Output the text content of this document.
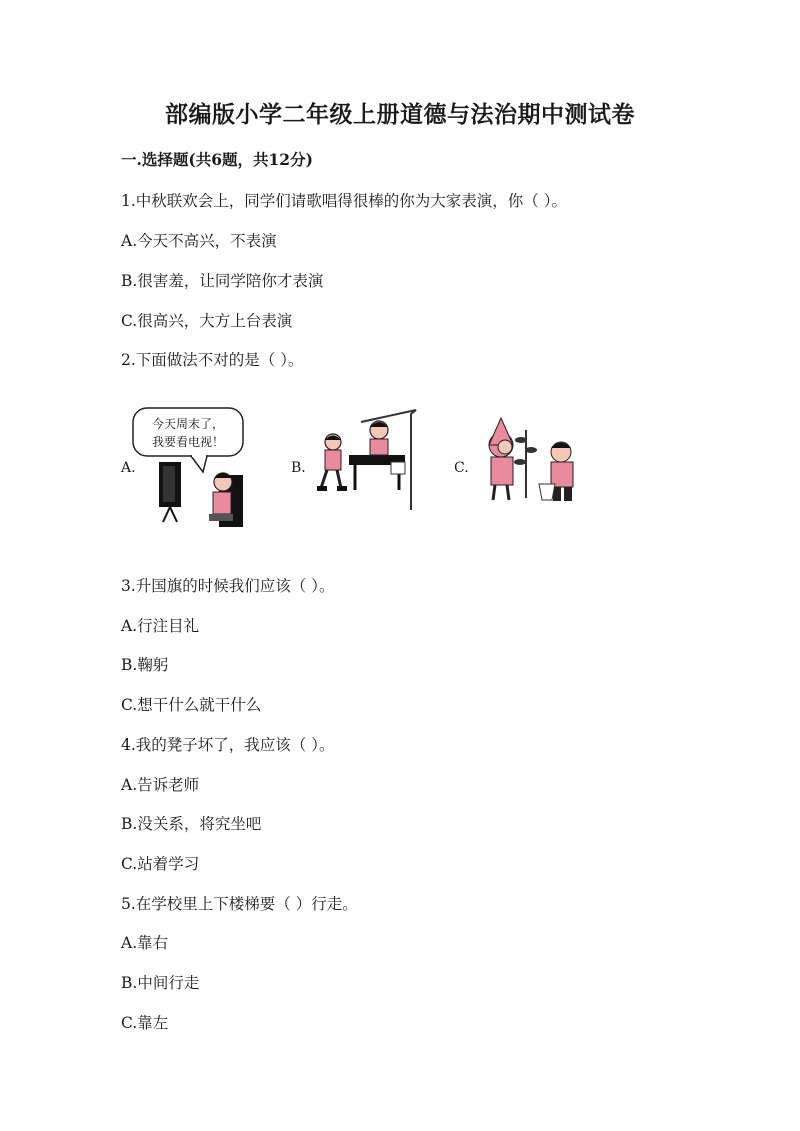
部编版小学二年级上册道德与法治期中测试卷
一.选择题(共6题，共12分)
1.中秋联欢会上，同学们请歌唱得很棒的你为大家表演，你（ ）。
A.今天不高兴，不表演
B.很害羞，让同学陪你才表演
C.很高兴，大方上台表演
2.下面做法不对的是（ ）。
A.
今天周末了，
我要看电视！
B.	C.
3.升国旗的时候我们应该（ ）。
A.行注目礼
B.鞠躬
C.想干什么就干什么
4.我的凳子坏了，我应该（ ）。
A.告诉老师
B.没关系，将究坐吧
C.站着学习
5.在学校里上下楼梯要（ ）行走。
A.靠右
B.中间行走
C.靠左
